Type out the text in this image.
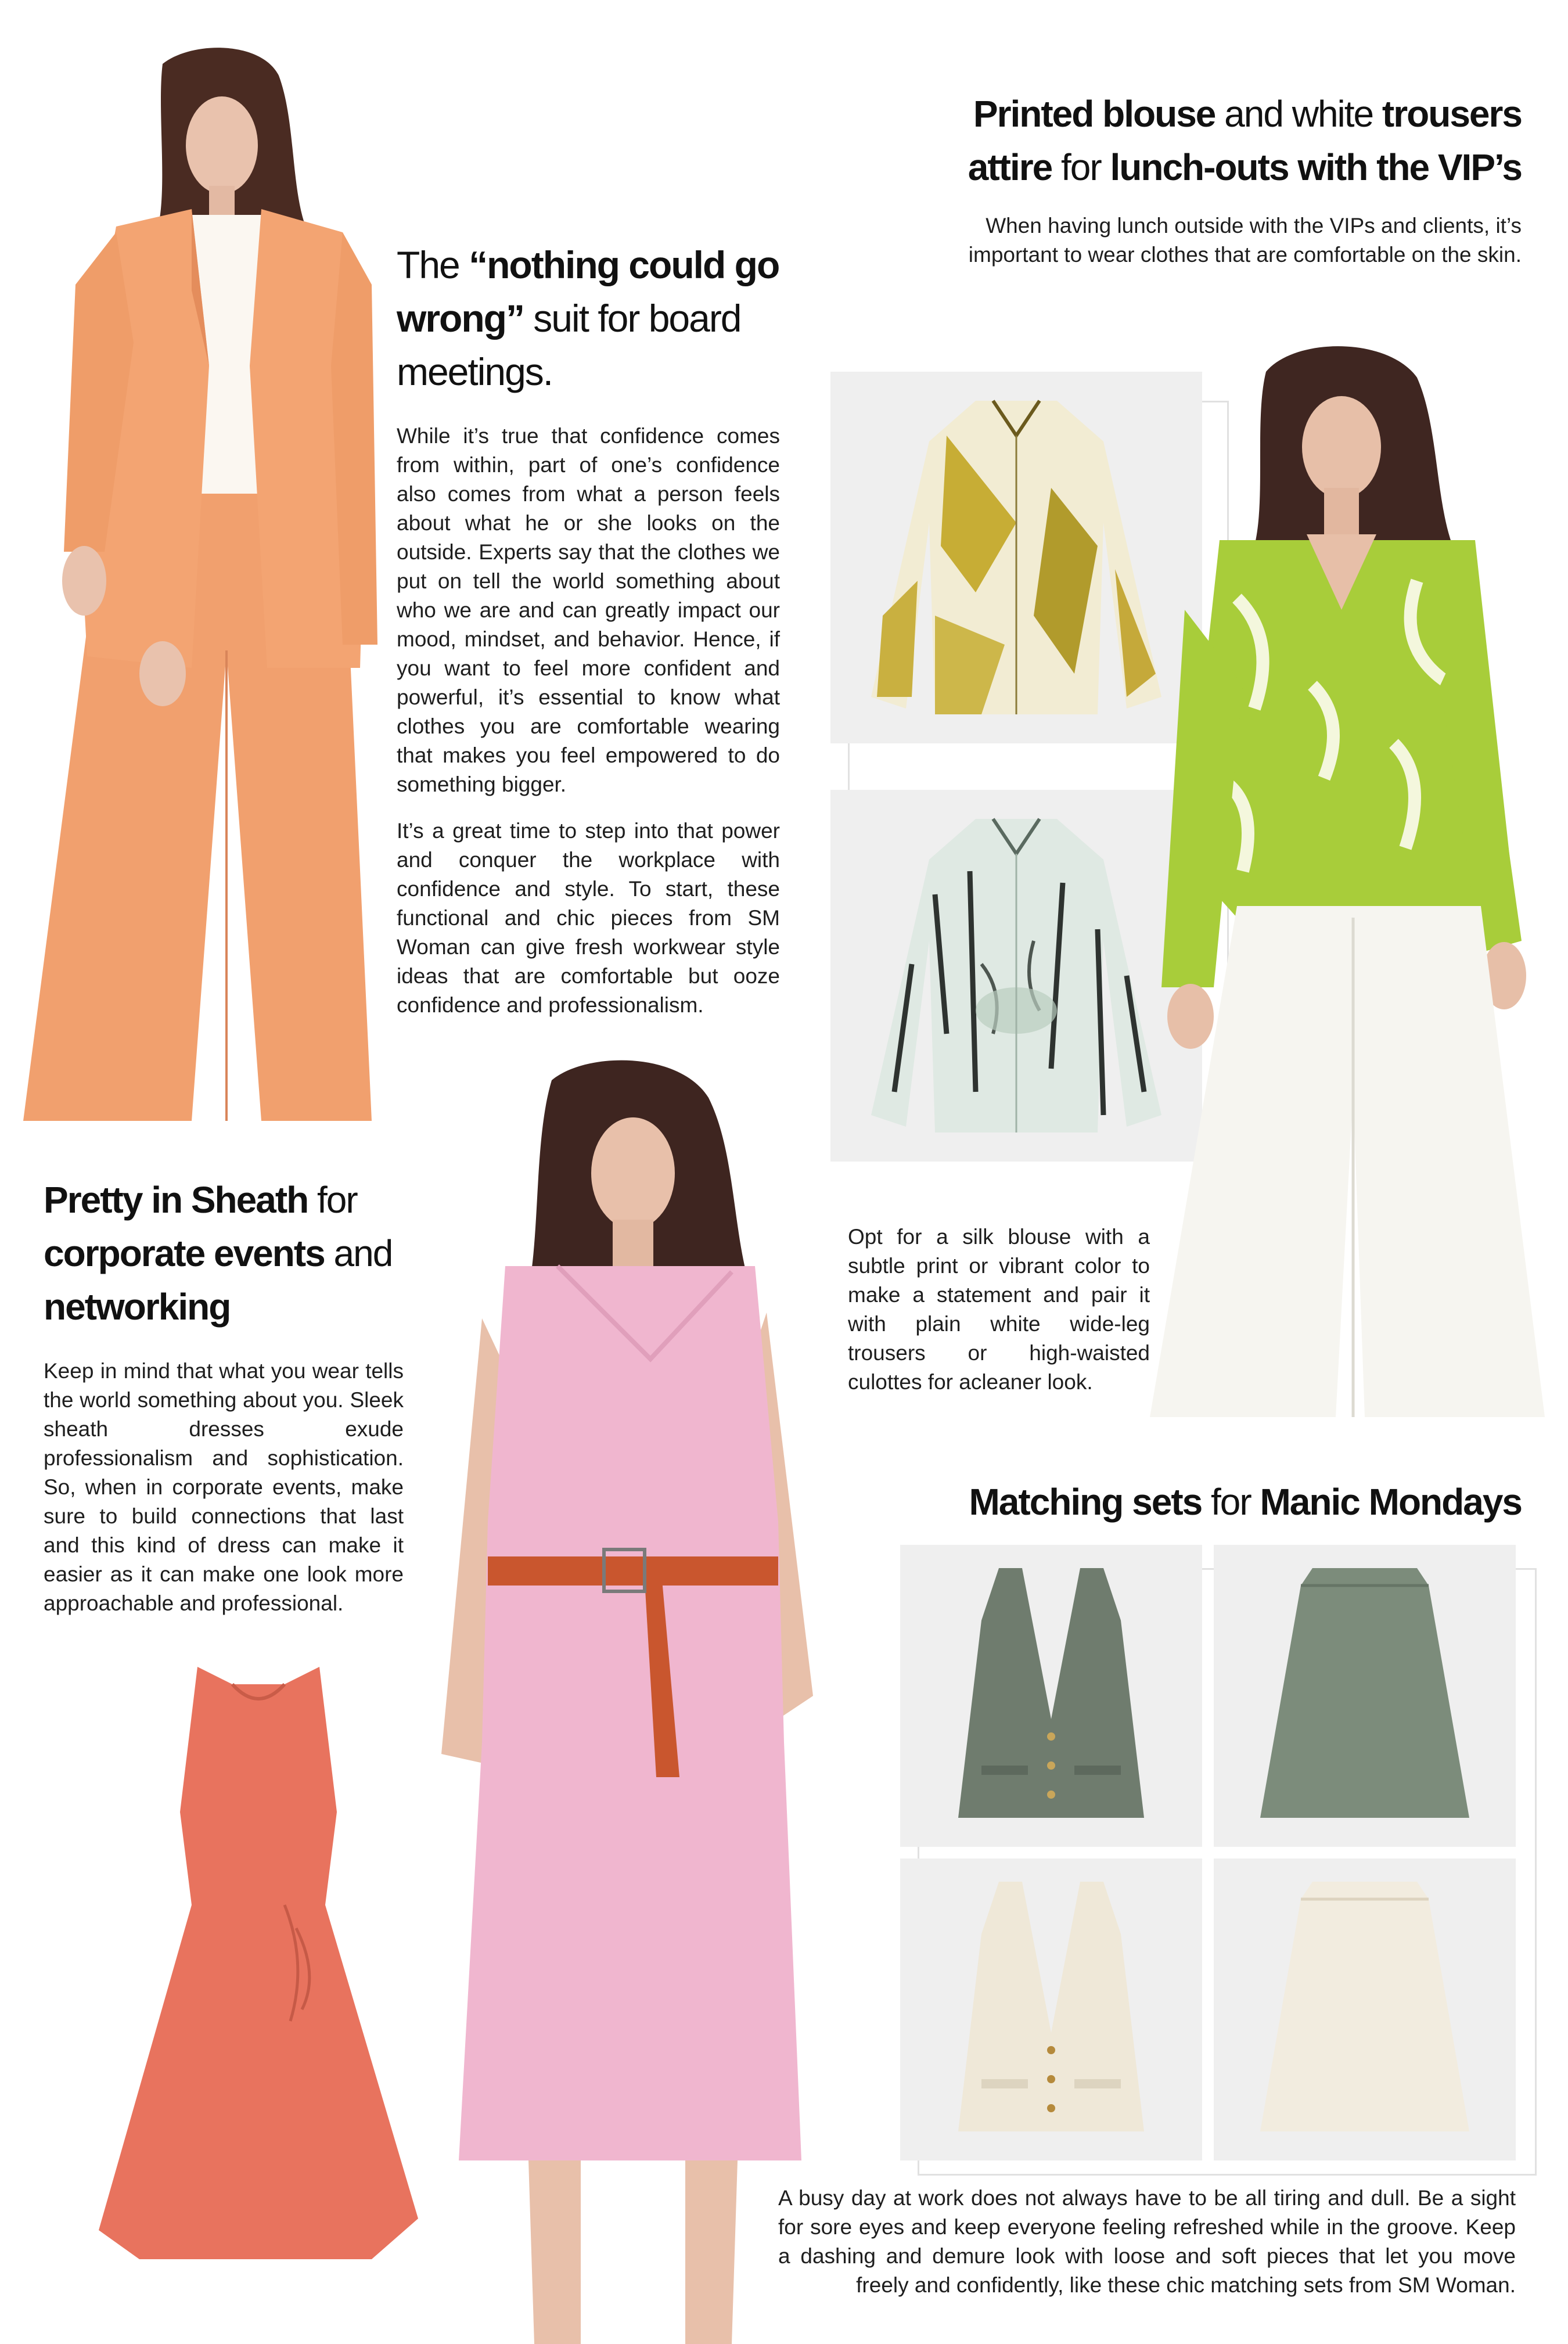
The “nothing could go wrong” suit for board meetings.

While it’s true that confidence comes from within, part of one’s confidence also comes from what a person feels about what he or she looks on the outside. Experts say that the clothes we put on tell the world something about who we are and can greatly impact our mood, mindset, and behavior. Hence, if you want to feel more confident and powerful, it’s essential to know what clothes you are comfortable wearing that makes you feel empowered to do something bigger.

It’s a great time to step into that power and conquer the workplace with confidence and style. To start, these functional and chic pieces from SM Woman can give fresh workwear style ideas that are comfortable but ooze confidence and professionalism.

Printed blouse and white trousers attire for lunch-outs with the VIP’s

When having lunch outside with the VIPs and clients, it’s important to wear clothes that are comfortable on the skin.

Opt for a silk blouse with a subtle print or vibrant color to make a statement and pair it with plain white wide-leg trousers or high-waisted culottes for acleaner look.

Pretty in Sheath for corporate events and networking

Keep in mind that what you wear tells the world something about you. Sleek sheath dresses exude professionalism and sophistication. So, when in corporate events, make sure to build connections that last and this kind of dress can make it easier as it can make one look more approachable and professional.

Matching sets for Manic Mondays

A busy day at work does not always have to be all tiring and dull. Be a sight for sore eyes and keep everyone feeling refreshed while in the groove. Keep a dashing and demure look with loose and soft pieces that let you move freely and confidently, like these chic matching sets from SM Woman.
